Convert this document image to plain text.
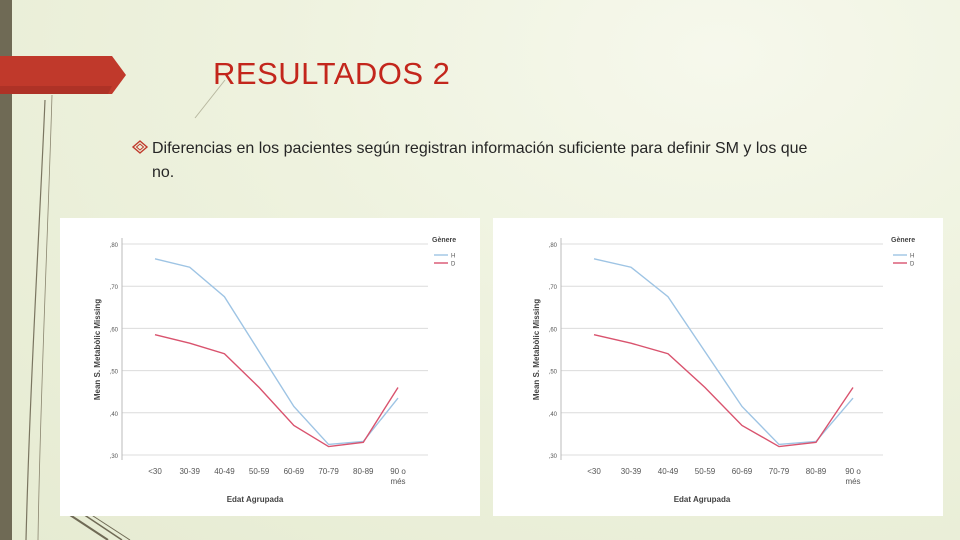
RESULTADOS 2
Diferencias en los pacientes según registran información suficiente para definir SM y los que no.
,30
,40
,50
,60
,70
,80
<30 30-39 40-49 50-59 60-69 70-79 80-89 90 o
més
Edat Agrupada
Mean S. Metabòlic Missing
Gènere
H
D
,30
,40
,50
,60
,70
,80
<30 30-39 40-49 50-59 60-69 70-79 80-89 90 o
més
Edat Agrupada
Mean S. Metabòlic Missing
Gènere
H
D
